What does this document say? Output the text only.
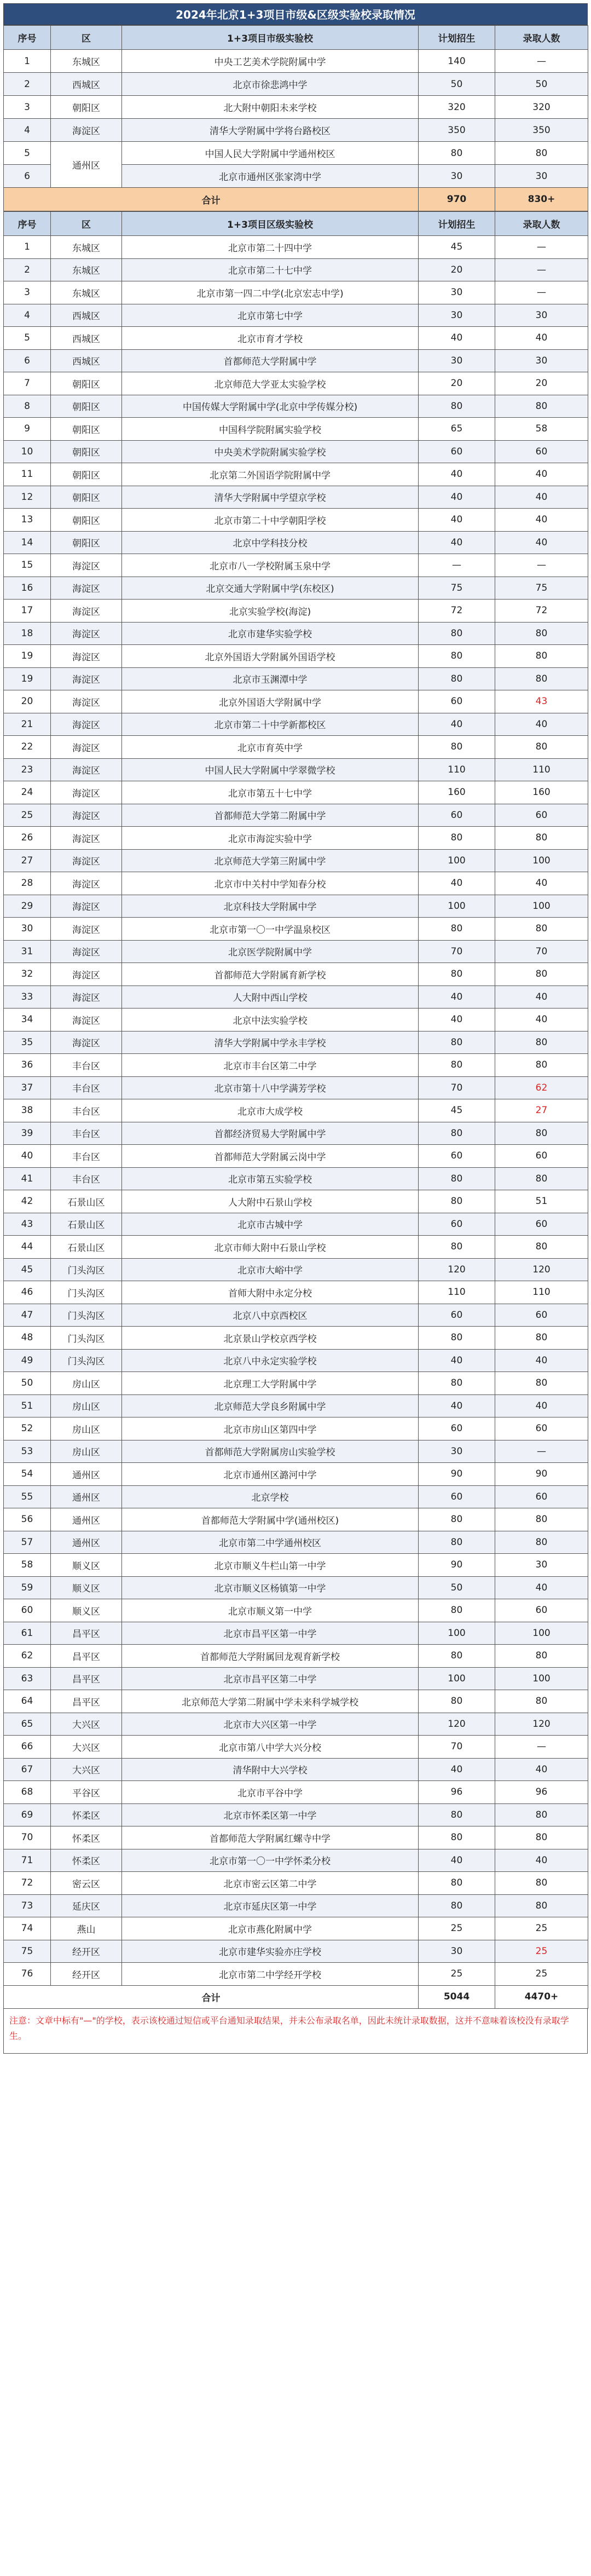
2024年北京1+3项目市级&区级实验校录取情况
序号	区	1+3项目市级实验校	计划招生	录取人数
1	东城区	中央工艺美术学院附属中学	140	—
2	西城区	北京市徐悲鸿中学	50	50
3	朝阳区	北大附中朝阳未来学校	320	320
4	海淀区	清华大学附属中学将台路校区	350	350
5	通州区	中国人民大学附属中学通州校区	80	80
6		北京市通州区张家湾中学	30	30
合计			970	830+
序号	区	1+3项目区级实验校	计划招生	录取人数
1	东城区	北京市第二十四中学	45	—
2	东城区	北京市第二十七中学	20	—
3	东城区	北京市第一四二中学(北京宏志中学)	30	—
4	西城区	北京市第七中学	30	30
5	西城区	北京市育才学校	40	40
6	西城区	首都师范大学附属中学	30	30
7	朝阳区	北京师范大学亚太实验学校	20	20
8	朝阳区	中国传媒大学附属中学(北京中学传媒分校)	80	80
9	朝阳区	中国科学院附属实验学校	65	58
10	朝阳区	中央美术学院附属实验学校	60	60
11	朝阳区	北京第二外国语学院附属中学	40	40
12	朝阳区	清华大学附属中学望京学校	40	40
13	朝阳区	北京市第二十中学朝阳学校	40	40
14	朝阳区	北京中学科技分校	40	40
15	海淀区	北京市八一学校附属玉泉中学	—	—
16	海淀区	北京交通大学附属中学(东校区)	75	75
17	海淀区	北京实验学校(海淀)	72	72
18	海淀区	北京市建华实验学校	80	80
19	海淀区	北京外国语大学附属外国语学校	80	80
19	海淀区	北京市玉渊潭中学	80	80
20	海淀区	北京外国语大学附属中学	60	43
21	海淀区	北京市第二十中学新都校区	40	40
22	海淀区	北京市育英中学	80	80
23	海淀区	中国人民大学附属中学翠微学校	110	110
24	海淀区	北京市第五十七中学	160	160
25	海淀区	首都师范大学第二附属中学	60	60
26	海淀区	北京市海淀实验中学	80	80
27	海淀区	北京师范大学第三附属中学	100	100
28	海淀区	北京市中关村中学知春分校	40	40
29	海淀区	北京科技大学附属中学	100	100
30	海淀区	北京市第一〇一中学温泉校区	80	80
31	海淀区	北京医学院附属中学	70	70
32	海淀区	首都师范大学附属育新学校	80	80
33	海淀区	人大附中西山学校	40	40
34	海淀区	北京中法实验学校	40	40
35	海淀区	清华大学附属中学永丰学校	80	80
36	丰台区	北京市丰台区第二中学	80	80
37	丰台区	北京市第十八中学满芳学校	70	62
38	丰台区	北京市大成学校	45	27
39	丰台区	首都经济贸易大学附属中学	80	80
40	丰台区	首都师范大学附属云岗中学	60	60
41	丰台区	北京市第五实验学校	80	80
42	石景山区	人大附中石景山学校	80	51
43	石景山区	北京市古城中学	60	60
44	石景山区	北京市师大附中石景山学校	80	80
45	门头沟区	北京市大峪中学	120	120
46	门头沟区	首师大附中永定分校	110	110
47	门头沟区	北京八中京西校区	60	60
48	门头沟区	北京景山学校京西学校	80	80
49	门头沟区	北京八中永定实验学校	40	40
50	房山区	北京理工大学附属中学	80	80
51	房山区	北京师范大学良乡附属中学	40	40
52	房山区	北京市房山区第四中学	60	60
53	房山区	首都师范大学附属房山实验学校	30	—
54	通州区	北京市通州区潞河中学	90	90
55	通州区	北京学校	60	60
56	通州区	首都师范大学附属中学(通州校区)	80	80
57	通州区	北京市第二中学通州校区	80	80
58	顺义区	北京市顺义牛栏山第一中学	90	30
59	顺义区	北京市顺义区杨镇第一中学	50	40
60	顺义区	北京市顺义第一中学	80	60
61	昌平区	北京市昌平区第一中学	100	100
62	昌平区	首都师范大学附属回龙观育新学校	80	80
63	昌平区	北京市昌平区第二中学	100	100
64	昌平区	北京师范大学第二附属中学未来科学城学校	80	80
65	大兴区	北京市大兴区第一中学	120	120
66	大兴区	北京市第八中学大兴分校	70	—
67	大兴区	清华附中大兴学校	40	40
68	平谷区	北京市平谷中学	96	96
69	怀柔区	北京市怀柔区第一中学	80	80
70	怀柔区	首都师范大学附属红螺寺中学	80	80
71	怀柔区	北京市第一〇一中学怀柔分校	40	40
72	密云区	北京市密云区第二中学	80	80
73	延庆区	北京市延庆区第一中学	80	80
74	燕山	北京市燕化附属中学	25	25
75	经开区	北京市建华实验亦庄学校	30	25
76	经开区	北京市第二中学经开学校	25	25
合计			5044	4470+
注意：文章中标有"—"的学校，表示该校通过短信或平台通知录取结果，并未公布录取名单，因此未统计录取数据，这并不意味着该校没有录取学生。
